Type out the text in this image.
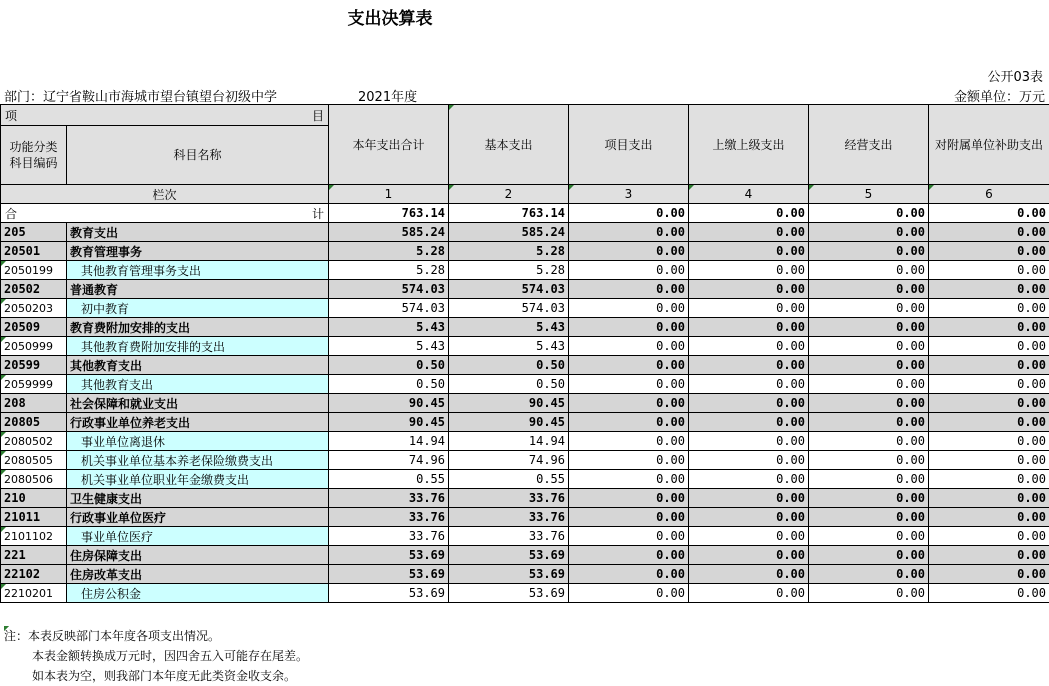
支出决算表
公开03表
部门：辽宁省鞍山市海城市望台镇望台初级中学	2021年度	金额单位：万元
项 目		本年支出合计	基本支出	项目支出	上缴上级支出	经营支出	对附属单位补助支出
功能分类科目编码	科目名称						
栏次		1	2	3	4	5	6

合 计		763.14	763.14	0.00	0.00	0.00	0.00
205	教育支出	585.24	585.24	0.00	0.00	0.00	0.00
20501	教育管理事务	5.28	5.28	0.00	0.00	0.00	0.00
2050199	其他教育管理事务支出	5.28	5.28	0.00	0.00	0.00	0.00
20502	普通教育	574.03	574.03	0.00	0.00	0.00	0.00
2050203	初中教育	574.03	574.03	0.00	0.00	0.00	0.00
20509	教育费附加安排的支出	5.43	5.43	0.00	0.00	0.00	0.00
2050999	其他教育费附加安排的支出	5.43	5.43	0.00	0.00	0.00	0.00
20599	其他教育支出	0.50	0.50	0.00	0.00	0.00	0.00
2059999	其他教育支出	0.50	0.50	0.00	0.00	0.00	0.00
208	社会保障和就业支出	90.45	90.45	0.00	0.00	0.00	0.00
20805	行政事业单位养老支出	90.45	90.45	0.00	0.00	0.00	0.00
2080502	事业单位离退休	14.94	14.94	0.00	0.00	0.00	0.00
2080505	机关事业单位基本养老保险缴费支出	74.96	74.96	0.00	0.00	0.00	0.00
2080506	机关事业单位职业年金缴费支出	0.55	0.55	0.00	0.00	0.00	0.00
210	卫生健康支出	33.76	33.76	0.00	0.00	0.00	0.00
21011	行政事业单位医疗	33.76	33.76	0.00	0.00	0.00	0.00
2101102	事业单位医疗	33.76	33.76	0.00	0.00	0.00	0.00
221	住房保障支出	53.69	53.69	0.00	0.00	0.00	0.00
22102	住房改革支出	53.69	53.69	0.00	0.00	0.00	0.00
2210201	住房公积金	53.69	53.69	0.00	0.00	0.00	0.00
注：本表反映部门本年度各项支出情况。
本表金额转换成万元时，因四舍五入可能存在尾差。
如本表为空，则我部门本年度无此类资金收支余。
